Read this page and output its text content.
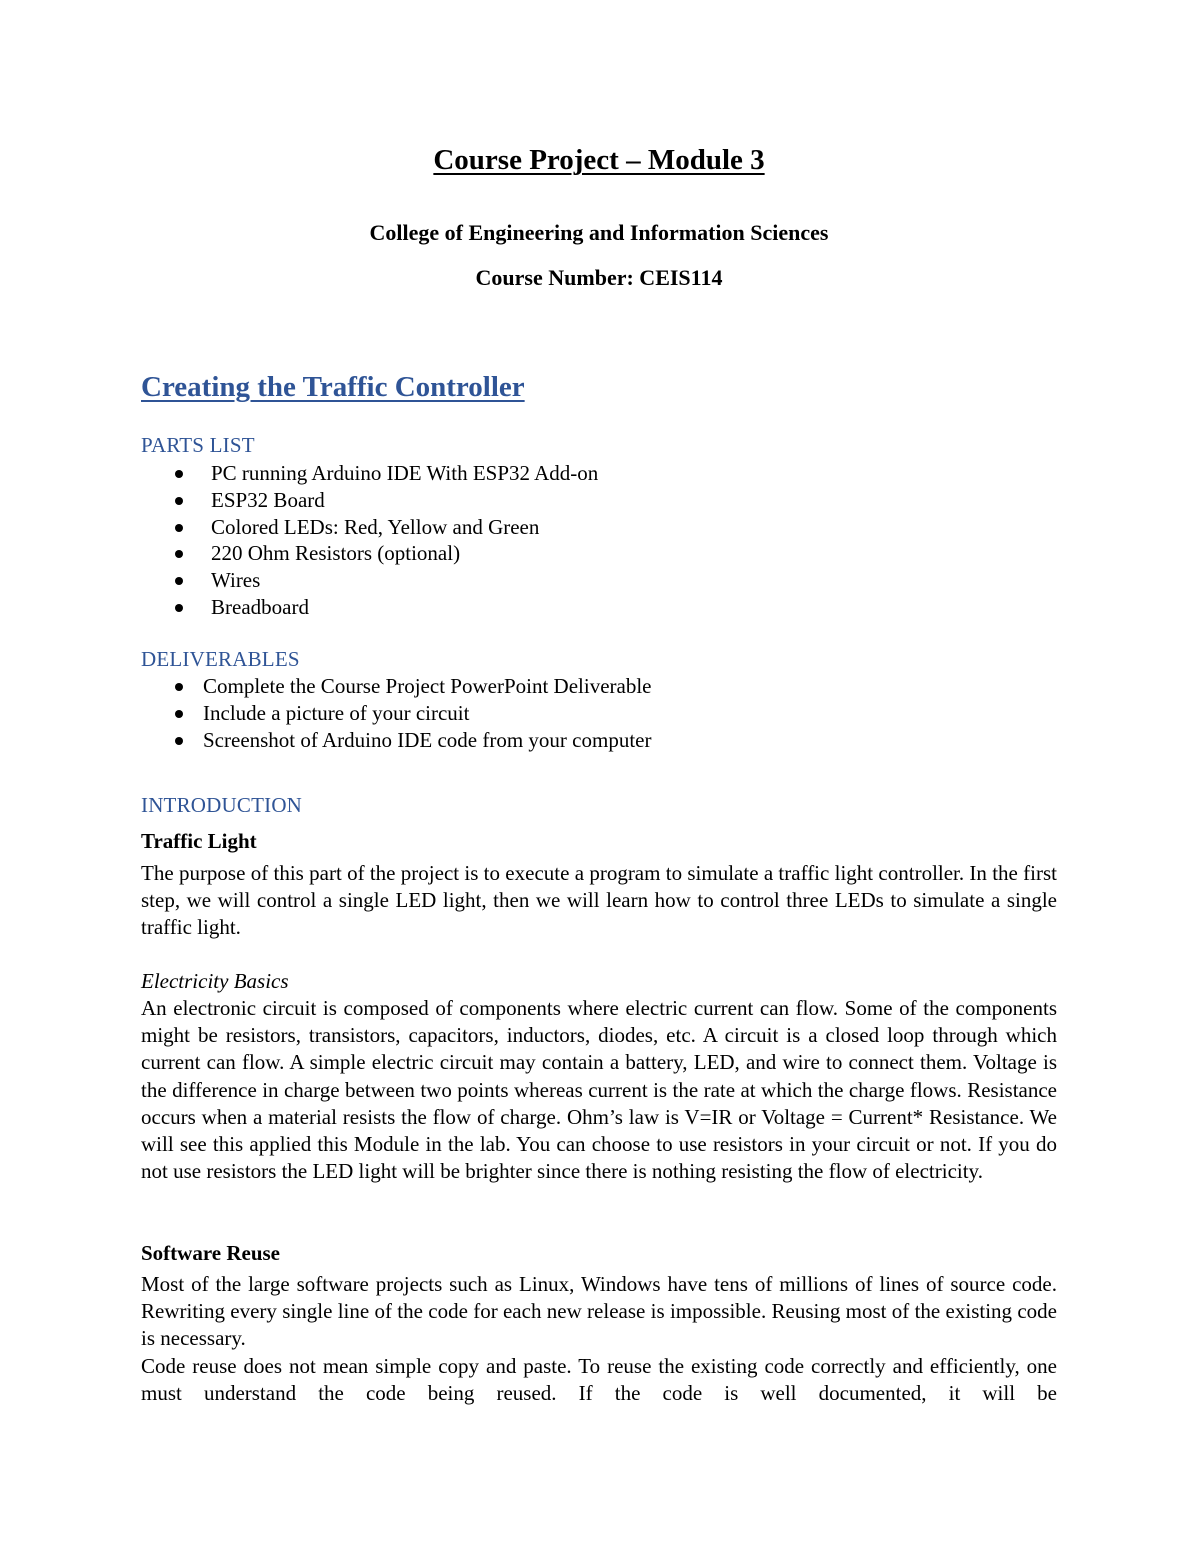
Course Project – Module 3

College of Engineering and Information Sciences

Course Number: CEIS114

Creating the Traffic Controller

PARTS LIST

PC running Arduino IDE With ESP32 Add-on
ESP32 Board
Colored LEDs: Red, Yellow and Green
220 Ohm Resistors (optional)
Wires
Breadboard

DELIVERABLES

Complete the Course Project PowerPoint Deliverable
Include a picture of your circuit
Screenshot of Arduino IDE code from your computer

INTRODUCTION

Traffic Light

The purpose of this part of the project is to execute a program to simulate a traffic light controller. In the first step, we will control a single LED light, then we will learn how to control three LEDs to simulate a single traffic light.

Electricity Basics

An electronic circuit is composed of components where electric current can flow. Some of the components might be resistors, transistors, capacitors, inductors, diodes, etc. A circuit is a closed loop through which current can flow. A simple electric circuit may contain a battery, LED, and wire to connect them. Voltage is the difference in charge between two points whereas current is the rate at which the charge flows. Resistance occurs when a material resists the flow of charge. Ohm’s law is V=IR or Voltage = Current* Resistance. We will see this applied this Module in the lab. You can choose to use resistors in your circuit or not. If you do not use resistors the LED light will be brighter since there is nothing resisting the flow of electricity.

Software Reuse

Most of the large software projects such as Linux, Windows have tens of millions of lines of source code. Rewriting every single line of the code for each new release is impossible. Reusing most of the existing code is necessary.

Code reuse does not mean simple copy and paste. To reuse the existing code correctly and efficiently, one must understand the code being reused. If the code is well documented, it will be
